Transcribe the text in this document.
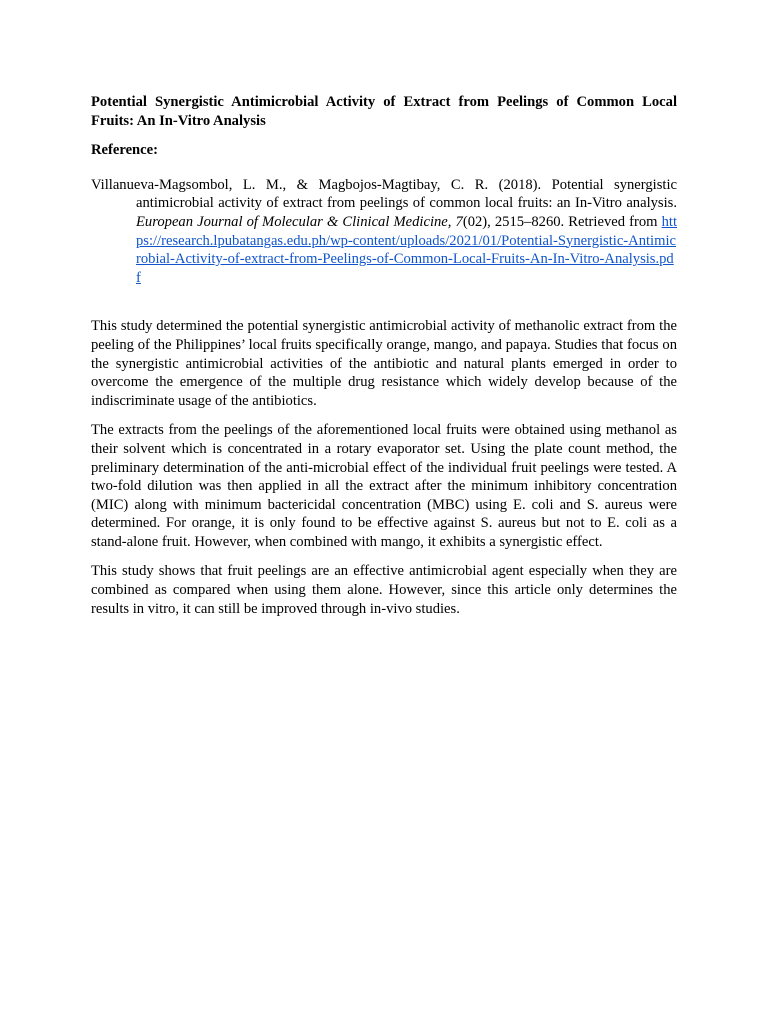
Potential Synergistic Antimicrobial Activity of Extract from Peelings of Common Local Fruits: An In-Vitro Analysis

Reference:

Villanueva-Magsombol, L. M., & Magbojos-Magtibay, C. R. (2018). Potential synergistic antimicrobial activity of extract from peelings of common local fruits: an In-Vitro analysis. European Journal of Molecular & Clinical Medicine, 7(02), 2515–8260. Retrieved from https://research.lpubatangas.edu.ph/wp-content/uploads/2021/01/Potential-Synergistic-Antimicrobial-Activity-of-extract-from-Peelings-of-Common-Local-Fruits-An-In-Vitro-Analysis.pdf

This study determined the potential synergistic antimicrobial activity of methanolic extract from the peeling of the Philippines’ local fruits specifically orange, mango, and papaya. Studies that focus on the synergistic antimicrobial activities of the antibiotic and natural plants emerged in order to overcome the emergence of the multiple drug resistance which widely develop because of the indiscriminate usage of the antibiotics.

The extracts from the peelings of the aforementioned local fruits were obtained using methanol as their solvent which is concentrated in a rotary evaporator set. Using the plate count method, the preliminary determination of the anti-microbial effect of the individual fruit peelings were tested. A two-fold dilution was then applied in all the extract after the minimum inhibitory concentration (MIC) along with minimum bactericidal concentration (MBC) using E. coli and S. aureus were determined. For orange, it is only found to be effective against S. aureus but not to E. coli as a stand-alone fruit. However, when combined with mango, it exhibits a synergistic effect.

This study shows that fruit peelings are an effective antimicrobial agent especially when they are combined as compared when using them alone. However, since this article only determines the results in vitro, it can still be improved through in-vivo studies.
